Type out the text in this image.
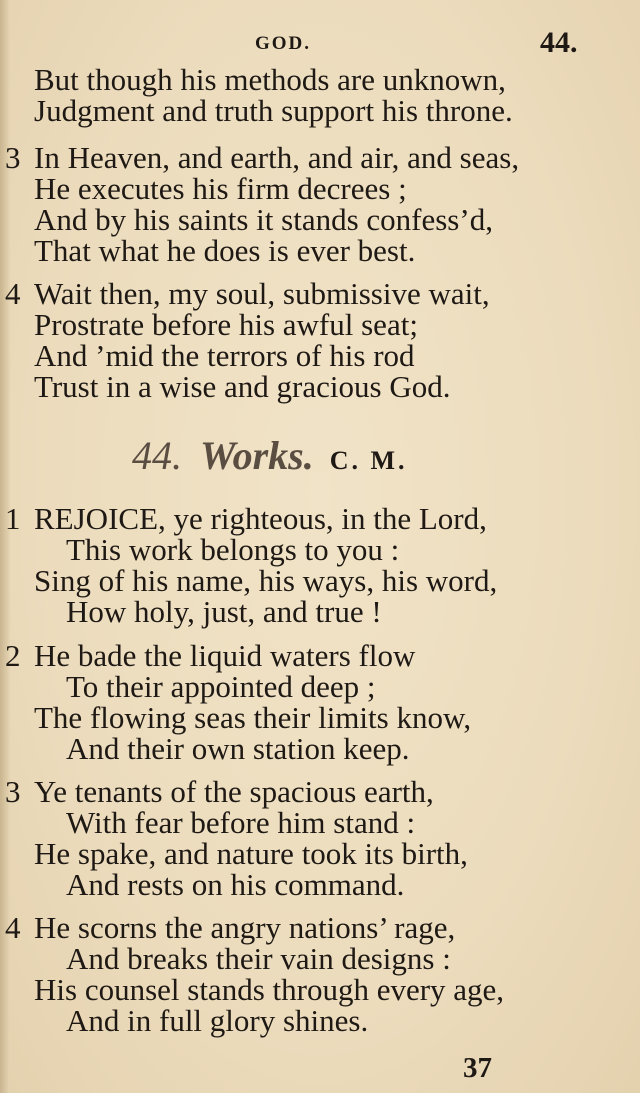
GOD.	44.
But though his methods are unknown,
Judgment and truth support his throne.
3 In Heaven, and earth, and air, and seas,
He executes his firm decrees ;
And by his saints it stands confess’d,
That what he does is ever best.
4 Wait then, my soul, submissive wait,
Prostrate before his awful seat;
And ’mid the terrors of his rod
Trust in a wise and gracious God.
44. Works. C. M.
1 REJOICE, ye righteous, in the Lord,
This work belongs to you :
Sing of his name, his ways, his word,
How holy, just, and true !
2 He bade the liquid waters flow
To their appointed deep ;
The flowing seas their limits know,
And their own station keep.
3 Ye tenants of the spacious earth,
With fear before him stand :
He spake, and nature took its birth,
And rests on his command.
4 He scorns the angry nations’ rage,
And breaks their vain designs :
His counsel stands through every age,
And in full glory shines.
37
